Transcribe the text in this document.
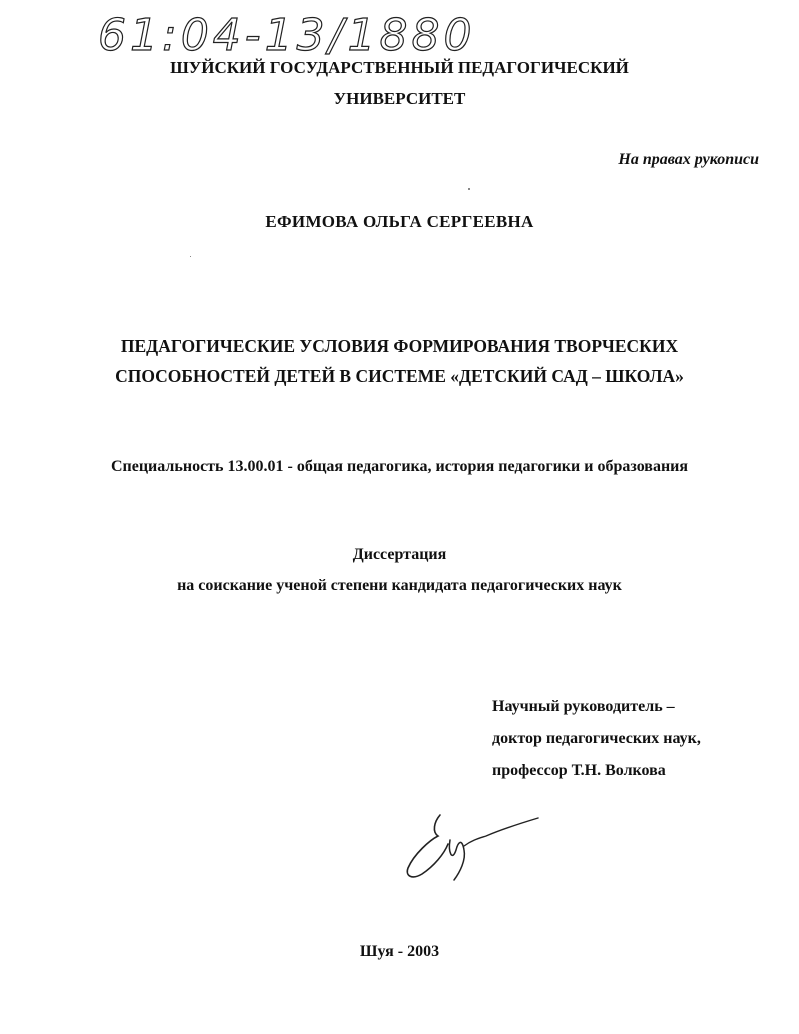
61:04-13/1880

ШУЙСКИЙ ГОСУДАРСТВЕННЫЙ ПЕДАГОГИЧЕСКИЙ

УНИВЕРСИТЕТ

На правах рукописи

ЕФИМОВА ОЛЬГА СЕРГЕЕВНА

ПЕДАГОГИЧЕСКИЕ УСЛОВИЯ ФОРМИРОВАНИЯ ТВОРЧЕСКИХ

СПОСОБНОСТЕЙ ДЕТЕЙ В СИСТЕМЕ «ДЕТСКИЙ САД – ШКОЛА»

Специальность 13.00.01 - общая педагогика, история педагогики и образования

Диссертация

на соискание ученой степени кандидата педагогических наук

Научный руководитель –

доктор педагогических наук,

профессор Т.Н. Волкова

Шуя - 2003
